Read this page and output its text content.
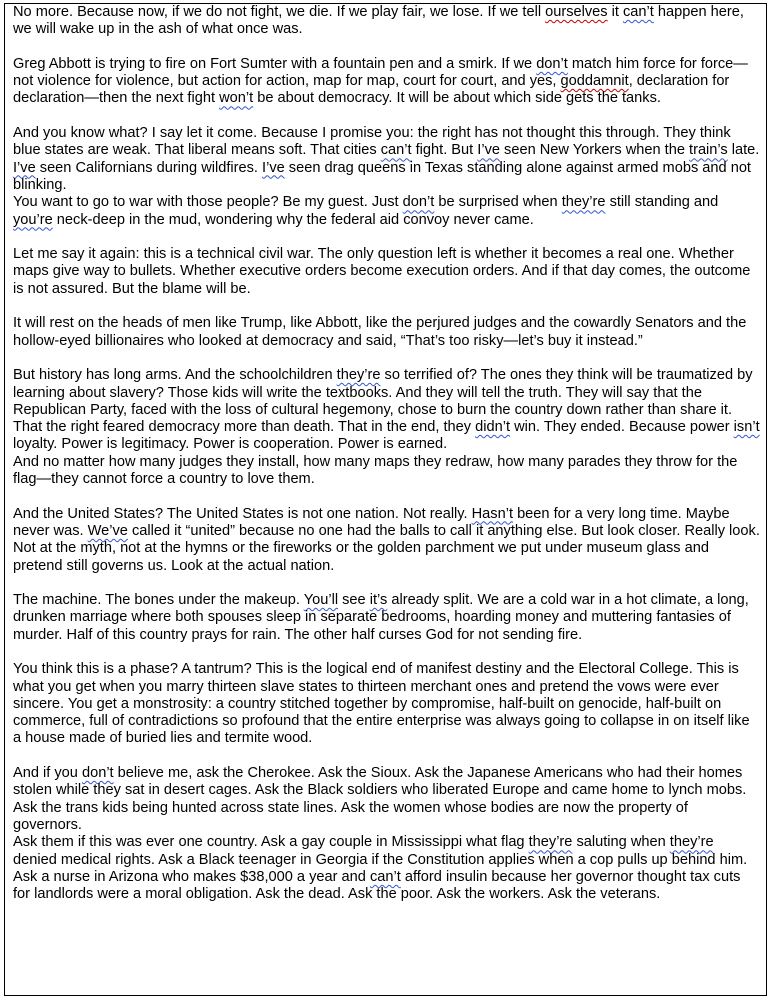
No more. Because now, if we do not fight, we die. If we play fair, we lose. If we tell ourselves it can’t happen here, we will wake up in the ash of what once was.

Greg Abbott is trying to fire on Fort Sumter with a fountain pen and a smirk. If we don’t match him force for force—not violence for violence, but action for action, map for map, court for court, and yes, goddamnit, declaration for declaration—then the next fight won’t be about democracy. It will be about which side gets the tanks.

And you know what? I say let it come. Because I promise you: the right has not thought this through. They think blue states are weak. That liberal means soft. That cities can’t fight. But I’ve seen New Yorkers when the train’s late. I’ve seen Californians during wildfires. I’ve seen drag queens in Texas standing alone against armed mobs and not blinking.

You want to go to war with those people? Be my guest. Just don’t be surprised when they’re still standing and you’re neck-deep in the mud, wondering why the federal aid convoy never came.

Let me say it again: this is a technical civil war. The only question left is whether it becomes a real one. Whether maps give way to bullets. Whether executive orders become execution orders. And if that day comes, the outcome is not assured. But the blame will be.

It will rest on the heads of men like Trump, like Abbott, like the perjured judges and the cowardly Senators and the hollow-eyed billionaires who looked at democracy and said, “That’s too risky—let’s buy it instead.”

But history has long arms. And the schoolchildren they’re so terrified of? The ones they think will be traumatized by learning about slavery? Those kids will write the textbooks. And they will tell the truth. They will say that the Republican Party, faced with the loss of cultural hegemony, chose to burn the country down rather than share it.

That the right feared democracy more than death. That in the end, they didn’t win. They ended. Because power isn’t loyalty. Power is legitimacy. Power is cooperation. Power is earned.

And no matter how many judges they install, how many maps they redraw, how many parades they throw for the flag—they cannot force a country to love them.

And the United States? The United States is not one nation. Not really. Hasn’t been for a very long time. Maybe never was. We’ve called it “united” because no one had the balls to call it anything else. But look closer. Really look. Not at the myth, not at the hymns or the fireworks or the golden parchment we put under museum glass and pretend still governs us. Look at the actual nation.

The machine. The bones under the makeup. You’ll see it’s already split. We are a cold war in a hot climate, a long, drunken marriage where both spouses sleep in separate bedrooms, hoarding money and muttering fantasies of murder. Half of this country prays for rain. The other half curses God for not sending fire.

You think this is a phase? A tantrum? This is the logical end of manifest destiny and the Electoral College. This is what you get when you marry thirteen slave states to thirteen merchant ones and pretend the vows were ever sincere. You get a monstrosity: a country stitched together by compromise, half-built on genocide, half-built on commerce, full of contradictions so profound that the entire enterprise was always going to collapse in on itself like a house made of buried lies and termite wood.

And if you don’t believe me, ask the Cherokee. Ask the Sioux. Ask the Japanese Americans who had their homes stolen while they sat in desert cages. Ask the Black soldiers who liberated Europe and came home to lynch mobs. Ask the trans kids being hunted across state lines. Ask the women whose bodies are now the property of governors.

Ask them if this was ever one country. Ask a gay couple in Mississippi what flag they’re saluting when they’re denied medical rights. Ask a Black teenager in Georgia if the Constitution applies when a cop pulls up behind him.

Ask a nurse in Arizona who makes $38,000 a year and can’t afford insulin because her governor thought tax cuts for landlords were a moral obligation. Ask the dead. Ask the poor. Ask the workers. Ask the veterans.
